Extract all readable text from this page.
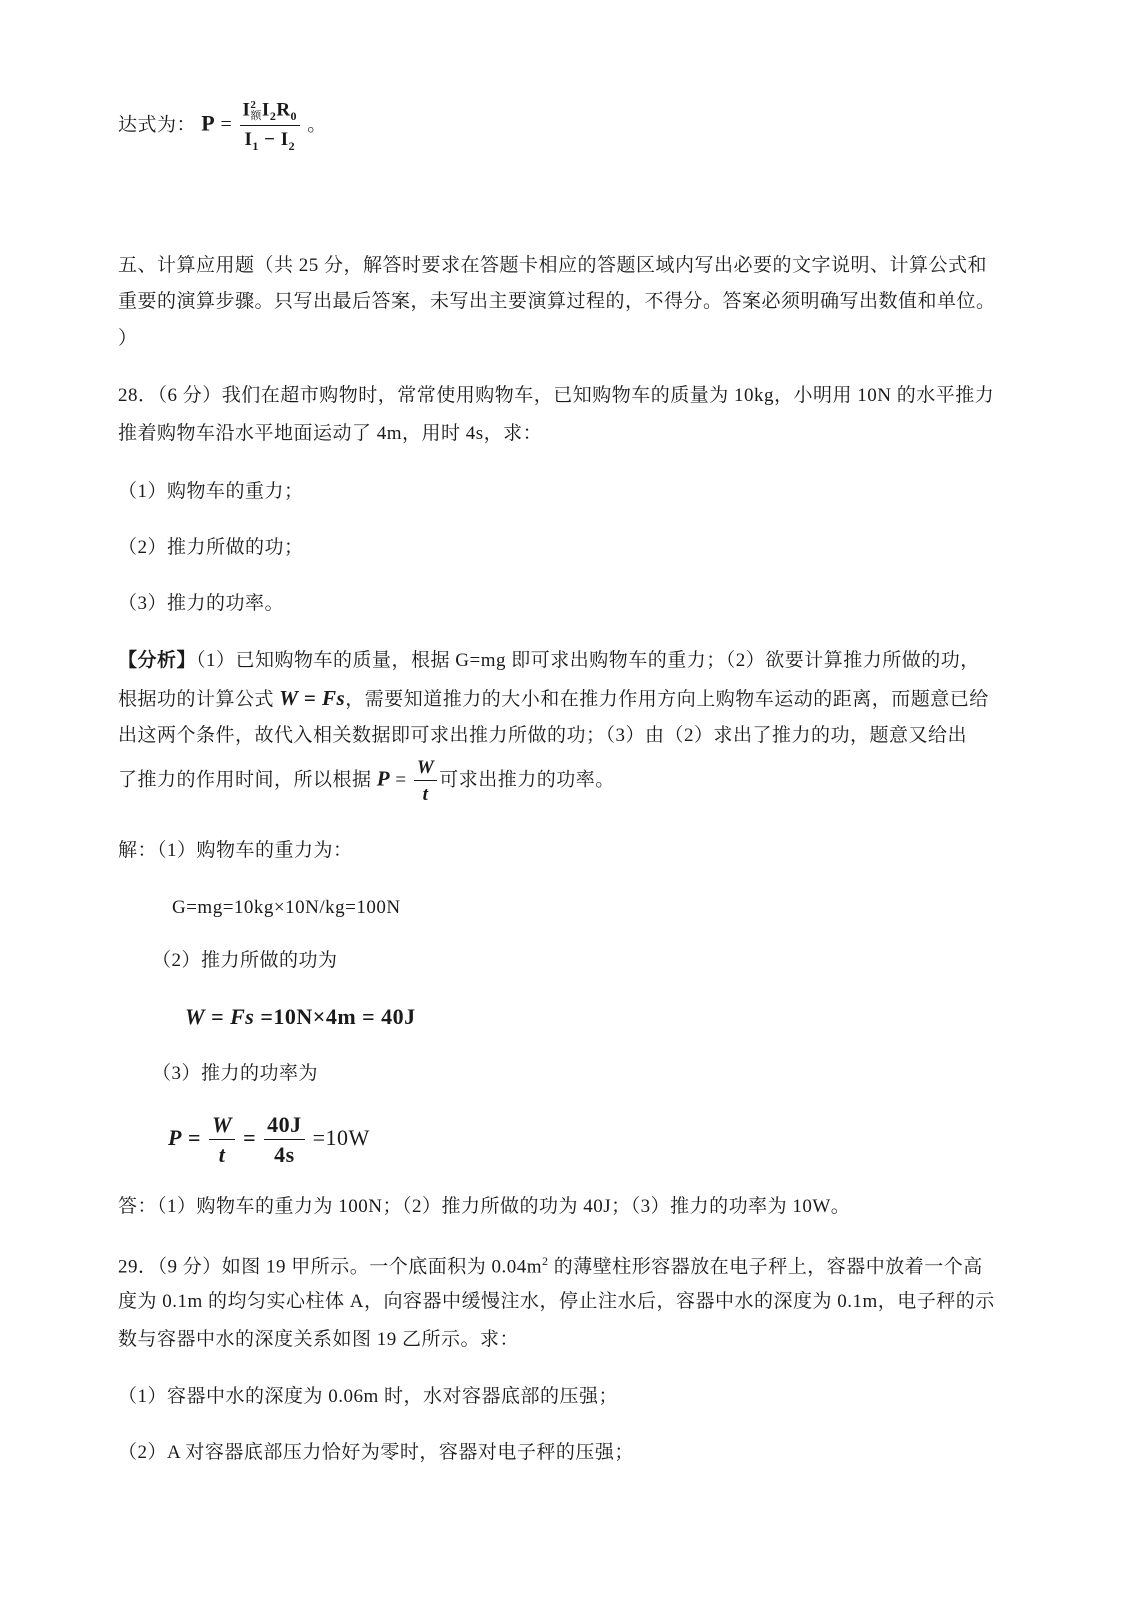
达式为： P = I 2
额 $I_2R_0$
$I_1 - I_2$ 。
五、计算应用题（共 25 分，解答时要求在答题卡相应的答题区域内写出必要的文字说明、计算公式和
重要的演算步骤。只写出最后答案，未写出主要演算过程的，不得分。答案必须明确写出数值和单位。
）
28．（6 分）我们在超市购物时，常常使用购物车，已知购物车的质量为 10kg，小明用 10N 的水平推力
推着购物车沿水平地面运动了 4m，用时 4s，求：
（1）购物车的重力；
（2）推力所做的功；
（3）推力的功率。
【分析】（1）已知购物车的质量，根据 G=mg 即可求出购物车的重力；（2）欲要计算推力所做的功，
根据功的计算公式 W = Fs，需要知道推力的大小和在推力作用方向上购物车运动的距离，而题意已给
出这两个条件，故代入相关数据即可求出推力所做的功；（3）由（2）求出了推力的功，题意又给出
了推力的作用时间，所以根据 $P = \frac{W}{t}$ 可求出推力的功率。
解：（1）购物车的重力为：
G=mg=10kg×10N/kg=100N
（2）推力所做的功为
W = Fs =10N×4m = 40J
（3）推力的功率为
$P = \frac{W}{t} = \frac{40J}{4s} =10W$
答：（1）购物车的重力为 100N；（2）推力所做的功为 40J；（3）推力的功率为 10W。
29．（9 分）如图 19 甲所示。一个底面积为 $0.04m^2$ 的薄壁柱形容器放在电子秤上，容器中放着一个高
度为 0.1m 的均匀实心柱体 A，向容器中缓慢注水，停止注水后，容器中水的深度为 0.1m，电子秤的示
数与容器中水的深度关系如图 19 乙所示。求：
（1）容器中水的深度为 0.06m 时，水对容器底部的压强；
（2）A 对容器底部压力恰好为零时，容器对电子秤的压强；
